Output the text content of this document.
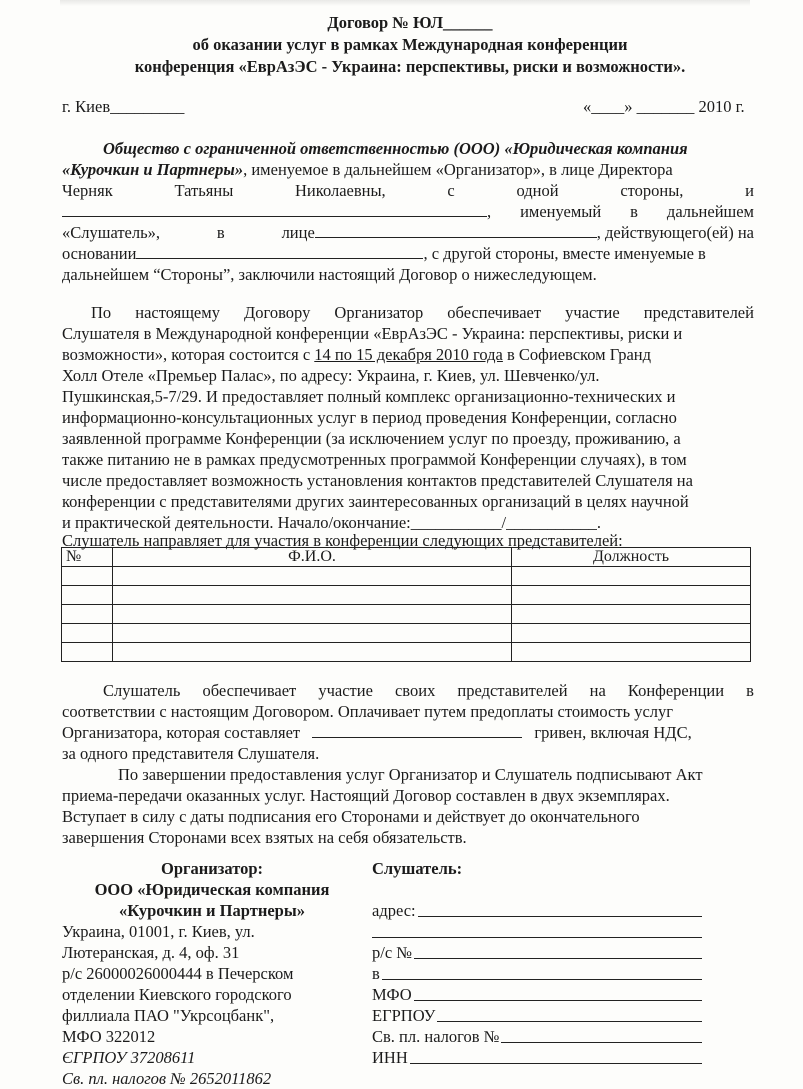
Договор № ЮЛ______
об оказании услуг в рамках Международная конференции
конференция «ЕврАзЭС - Украина: перспективы, риски и возможности».
г. Киев_________	«____» _______ 2010 г.
Общество с ограниченной ответственностью (ООО) «Юридическая компания
«Курочкин и Партнеры», именуемое в дальнейшем «Организатор», в лице Директора
Черняк	Татьяны	Николаевны,	с	одной	стороны,	и
, именуемый в дальнейшем
«Слушатель»,	в	лице	, действующего(ей) на
основании	, с другой стороны, вместе именуемые в
дальнейшем “Стороны”, заключили настоящий Договор о нижеследующем.
По настоящему Договору Организатор обеспечивает участие представителей
Слушателя в Международной конференции «ЕврАзЭС - Украина: перспективы, риски и
возможности», которая состоится с 14 по 15 декабря 2010 года в Софиевском Гранд
Холл Отеле «Премьер Палас», по адресу: Украина, г. Киев, ул. Шевченко/ул.
Пушкинская,5-7/29. И предоставляет полный комплекс организационно-технических и
информационно-консультационных услуг в период проведения Конференции, согласно
заявленной программе Конференции (за исключением услуг по проезду, проживанию, а
также питанию не в рамках предусмотренных программой Конференции случаях), в том
числе предоставляет возможность установления контактов представителей Слушателя на
конференции с представителями других заинтересованных организаций в целях научной
и практической деятельности. Начало/окончание:___________/___________.
Слушатель направляет для участия в конференции следующих представителей:
№	Ф.И.О.	Должность

Слушатель обеспечивает участие своих представителей на Конференции в
соответствии с настоящим Договором. Оплачивает путем предоплаты стоимость услуг
Организатора, которая составляет	гривен, включая НДС,
за одного представителя Слушателя.
По завершении предоставления услуг Организатор и Слушатель подписывают Акт
приема-передачи оказанных услуг. Настоящий Договор составлен в двух экземплярах.
Вступает в силу с даты подписания его Сторонами и действует до окончательного
завершения Сторонами всех взятых на себя обязательств.
Организатор:
ООО «Юридическая компания
«Курочкин и Партнеры»
Украина, 01001, г. Киев, ул.
Лютеранская, д. 4, оф. 31
р/с 26000026000444 в Печерском
отделении Киевского городского
филлиала ПАО "Укрсоцбанк",
МФО 322012
ЄГРПОУ 37208611
Св. пл. налогов № 2652011862
Слушатель:
адрес:
р/с №
в
МФО
ЕГРПОУ
Св. пл. налогов №
ИНН
